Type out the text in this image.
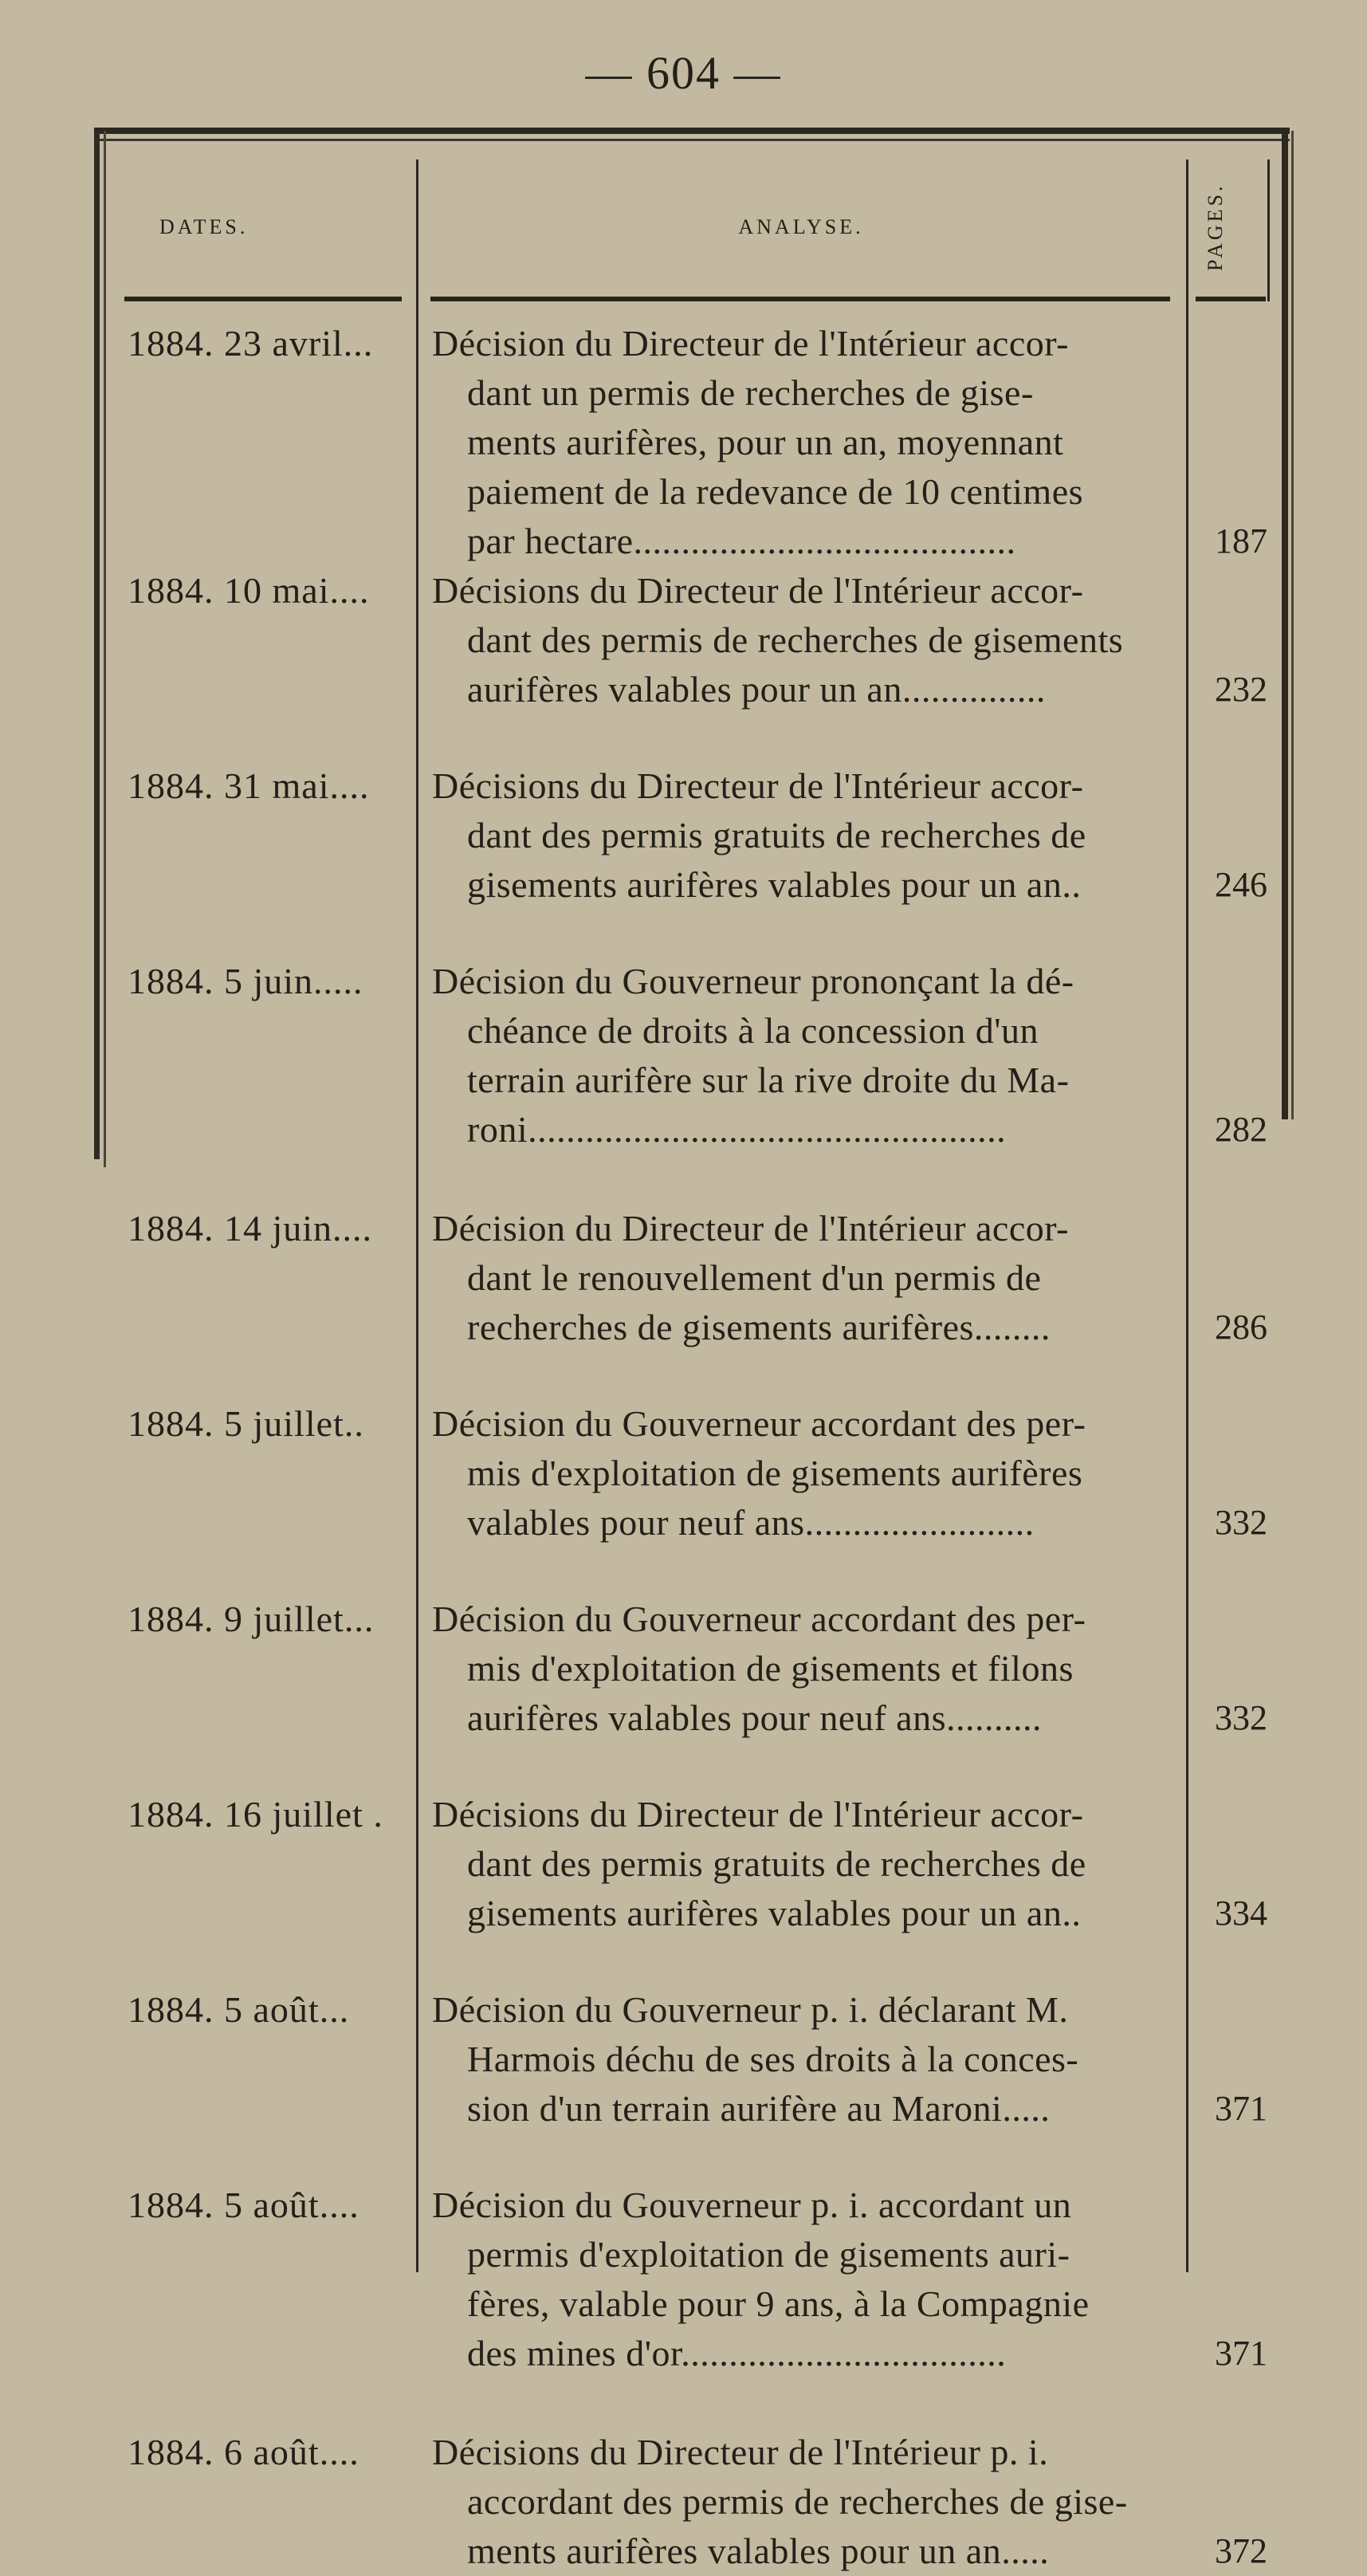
— 604 —
DATES.	ANALYSE.	PAGES.
1884. 23 avril...	Décision du Directeur de l'Intérieur accor-
dant un permis de recherches de gise-
ments aurifères, pour un an, moyennant
paiement de la redevance de 10 centimes
par hectare........................................	187
1884. 10 mai....	Décisions du Directeur de l'Intérieur accor-
dant des permis de recherches de gisements
aurifères valables pour un an...............	232
1884. 31 mai....	Décisions du Directeur de l'Intérieur accor-
dant des permis gratuits de recherches de
gisements aurifères valables pour un an..	246
1884. 5 juin.....	Décision du Gouverneur prononçant la dé-
chéance de droits à la concession d'un
terrain aurifère sur la rive droite du Ma-
roni..................................................	282
1884. 14 juin....	Décision du Directeur de l'Intérieur accor-
dant le renouvellement d'un permis de
recherches de gisements aurifères........	286
1884. 5 juillet..	Décision du Gouverneur accordant des per-
mis d'exploitation de gisements aurifères
valables pour neuf ans........................	332
1884. 9 juillet...	Décision du Gouverneur accordant des per-
mis d'exploitation de gisements et filons
aurifères valables pour neuf ans..........	332
1884. 16 juillet .	Décisions du Directeur de l'Intérieur accor-
dant des permis gratuits de recherches de
gisements aurifères valables pour un an..	334
1884. 5 août...	Décision du Gouverneur p. i. déclarant M.
Harmois déchu de ses droits à la conces-
sion d'un terrain aurifère au Maroni.....	371
1884. 5 août....	Décision du Gouverneur p. i. accordant un
permis d'exploitation de gisements auri-
fères, valable pour 9 ans, à la Compagnie
des mines d'or..................................	371
1884. 6 août....	Décisions du Directeur de l'Intérieur p. i.
accordant des permis de recherches de gise-
ments aurifères valables pour un an.....	372
